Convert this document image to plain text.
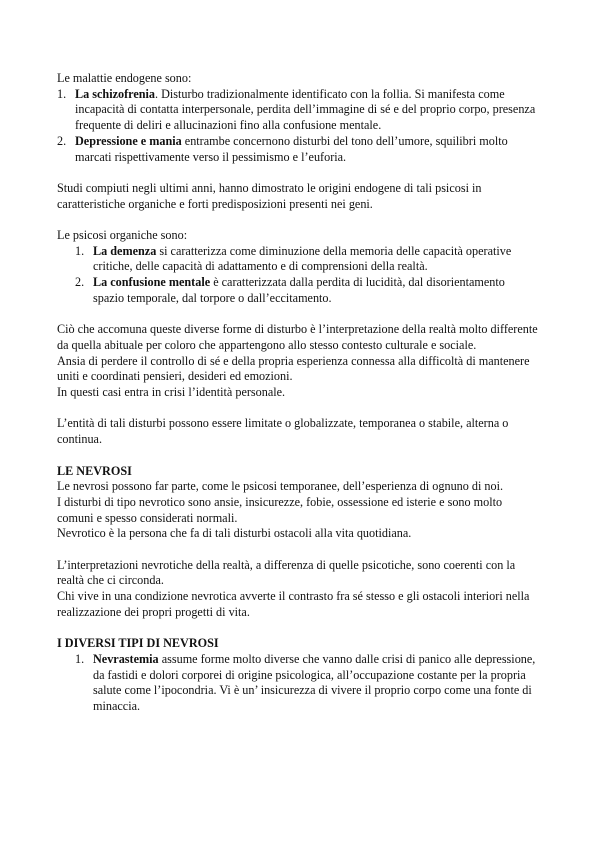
Le malattie endogene sono:

1. La schizofrenia. Disturbo tradizionalmente identificato con la follia. Si manifesta come incapacità di contatta interpersonale, perdita dell’immagine di sé e del proprio corpo, presenza frequente di deliri e allucinazioni fino alla confusione mentale.
2. Depressione e mania entrambe concernono disturbi del tono dell’umore, squilibri molto marcati rispettivamente verso il pessimismo e l’euforia.

Studi compiuti negli ultimi anni, hanno dimostrato le origini endogene di tali psicosi in caratteristiche organiche e forti predisposizioni presenti nei geni.

Le psicosi organiche sono:

1. La demenza si caratterizza come diminuzione della memoria delle capacità operative critiche, delle capacità di adattamento e di comprensioni della realtà.
2. La confusione mentale è caratterizzata dalla perdita di lucidità, dal disorientamento spazio temporale, dal torpore o dall’eccitamento.

Ciò che accomuna queste diverse forme di disturbo è l’interpretazione della realtà molto differente da quella abituale per coloro che appartengono allo stesso contesto culturale e sociale.

Ansia di perdere il controllo di sé e della propria esperienza connessa alla difficoltà di mantenere uniti e coordinati pensieri, desideri ed emozioni.

In questi casi entra in crisi l’identità personale.

L’entità di tali disturbi possono essere limitate o globalizzate, temporanea o stabile, alterna o continua.

LE NEVROSI

Le nevrosi possono far parte, come le psicosi temporanee, dell’esperienza di ognuno di noi.

I disturbi di tipo nevrotico sono ansie, insicurezze, fobie, ossessione ed isterie e sono molto comuni e spesso considerati normali.

Nevrotico è la persona che fa di tali disturbi ostacoli alla vita quotidiana.

L’interpretazioni nevrotiche della realtà, a differenza di quelle psicotiche, sono coerenti con la realtà che ci circonda.

Chi vive in una condizione nevrotica avverte il contrasto fra sé stesso e gli ostacoli interiori nella realizzazione dei propri progetti di vita.

I DIVERSI TIPI DI NEVROSI

1. Nevrastemia assume forme molto diverse che vanno dalle crisi di panico alle depressione, da fastidi e dolori corporei di origine psicologica, all’occupazione costante per la propria salute come l’ipocondria. Vi è un’ insicurezza di vivere il proprio corpo come una fonte di minaccia.
